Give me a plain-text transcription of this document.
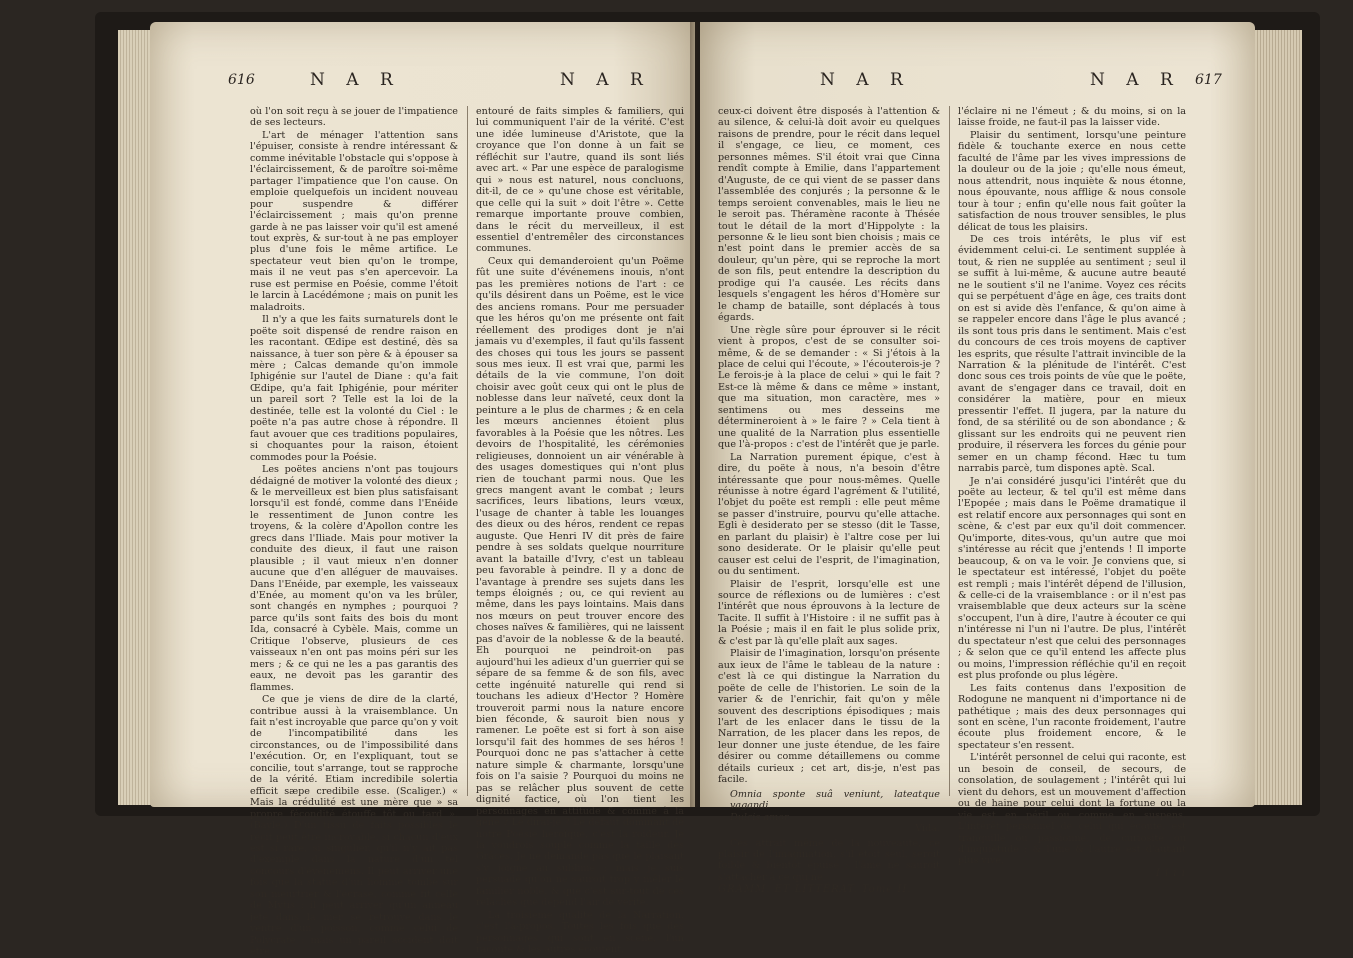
616	N A R	N A R

où l'on soit reçu à se jouer de l'impatience de ses lecteurs.

L'art de ménager l'attention sans l'épuiser, consiste à rendre intéressant & comme inévitable l'obstacle qui s'oppose à l'éclaircissement, & de paroître soi-même partager l'impatience que l'on cause. On emploie quelquefois un incident nouveau pour suspendre & différer l'éclaircissement ; mais qu'on prenne garde à ne pas laisser voir qu'il est amené tout exprès, & sur-tout à ne pas employer plus d'une fois le même artifice. Le spectateur veut bien qu'on le trompe, mais il ne veut pas s'en apercevoir. La ruse est permise en Poésie, comme l'étoit le larcin à Lacédémone ; mais on punit les maladroits.

Il n'y a que les faits surnaturels dont le poëte soit dispensé de rendre raison en les racontant. Œdipe est destiné, dès sa naissance, à tuer son père & à épouser sa mère ; Calcas demande qu'on immole Iphigénie sur l'autel de Diane : qu'a fait Œdipe, qu'a fait Iphigénie, pour mériter un pareil sort ? Telle est la loi de la destinée, telle est la volonté du Ciel : le poëte n'a pas autre chose à répondre. Il faut avouer que ces traditions populaires, si choquantes pour la raison, étoient commodes pour la Poésie.

Les poëtes anciens n'ont pas toujours dédaigné de motiver la volonté des dieux ; & le merveilleux est bien plus satisfaisant lorsqu'il est fondé, comme dans l'Enéide le ressentiment de Junon contre les troyens, & la colère d'Apollon contre les grecs dans l'Iliade. Mais pour motiver la conduite des dieux, il faut une raison plausible ; il vaut mieux n'en donner aucune que d'en alléguer de mauvaises. Dans l'Enéide, par exemple, les vaisseaux d'Enée, au moment qu'on va les brûler, sont changés en nymphes ; pourquoi ? parce qu'ils sont faits des bois du mont Ida, consacré à Cybèle. Mais, comme un Critique l'observe, plusieurs de ces vaisseaux n'en ont pas moins péri sur les mers ; & ce qui ne les a pas garantis des eaux, ne devoit pas les garantir des flammes.

Ce que je viens de dire de la clarté, contribue aussi à la vraisemblance. Un fait n'est incroyable que parce qu'on y voit de l'incompatibilité dans les circonstances, ou de l'impossibilité dans l'exécution. Or, en l'expliquant, tout se concilie, tout s'arrange, tout se rapproche de la vérité. Etiam incredibile solertia efficit sæpe credibile esse. (Scaliger.) « Mais la crédulité est une mère que » sa propre fécondité étouffe tôt ou tard ». (Bayle.) D'un tissu de faits possibles le récit peut être incroyable, si chacun d'eux est si rare, si singulier, qu'il n'y ait pas d'exemple dans la nature d'un tel concours d'événemens. Il peut arriver une fois que la statue d'un homme tombe sur son meurtrier & l'écrase, comme fit celle de Mytis ; il peut arriver qu'un anneau jeté dans la mer se retrouve dans le ventre d'un poisson, comme celui de Polycrate : mais un pareil accident doit être

entouré de faits simples & familiers, qui lui communiquent l'air de la vérité. C'est une idée lumineuse d'Aristote, que la croyance que l'on donne à un fait se réfléchit sur l'autre, quand ils sont liés avec art. « Par une espèce de paralogisme qui » nous est naturel, nous concluons, dit-il, de ce » qu'une chose est véritable, que celle qui la suit » doit l'être ». Cette remarque importante prouve combien, dans le récit du merveilleux, il est essentiel d'entremêler des circonstances communes.

Ceux qui demanderoient qu'un Poëme fût une suite d'événemens inouis, n'ont pas les premières notions de l'art : ce qu'ils désirent dans un Poëme, est le vice des anciens romans. Pour me persuader que les héros qu'on me présente ont fait réellement des prodiges dont je n'ai jamais vu d'exemples, il faut qu'ils fassent des choses qui tous les jours se passent sous mes ieux. Il est vrai que, parmi les détails de la vie commune, l'on doit choisir avec goût ceux qui ont le plus de noblesse dans leur naïveté, ceux dont la peinture a le plus de charmes ; & en cela les mœurs anciennes étoient plus favorables à la Poésie que les nôtres. Les devoirs de l'hospitalité, les cérémonies religieuses, donnoient un air vénérable à des usages domestiques qui n'ont plus rien de touchant parmi nous. Que les grecs mangent avant le combat ; leurs sacrifices, leurs libations, leurs vœux, l'usage de chanter à table les louanges des dieux ou des héros, rendent ce repas auguste. Que Henri IV dit près de faire pendre à ses soldats quelque nourriture avant la bataille d'Ivry, c'est un tableau peu favorable à peindre. Il y a donc de l'avantage à prendre ses sujets dans les temps éloignés ; ou, ce qui revient au même, dans les pays lointains. Mais dans nos mœurs on peut trouver encore des choses naïves & familières, qui ne laissent pas d'avoir de la noblesse & de la beauté. Eh pourquoi ne peindroit-on pas aujourd'hui les adieux d'un guerrier qui se sépare de sa femme & de son fils, avec cette ingénuité naturelle qui rend si touchans les adieux d'Hector ? Homère trouveroit parmi nous la nature encore bien féconde, & sauroit bien nous y ramener. Le poëte est si fort à son aise lorsqu'il fait des hommes de ses héros ! Pourquoi donc ne pas s'attacher à cette nature simple & charmante, lorsqu'une fois on l'a saisie ? Pourquoi du moins ne pas se relâcher plus souvent de cette dignité factice, où l'on tient les personnages en attitude & comme à la gêne ? Le dirai-je ? Le défaut dominant de notre Poésie héroïque, c'est la roideur. Je la voudrois souple comme la taille des Grâces. Je ne demande pas que le plaisant s'y joigne au sublime ; mais je suis persuadé qu'on ne sauroit trop y mêler le familier noble, & que c'est sur-tout de ces relâches que dépend l'air de vérité.

La troisième qualité de la Narration, c'est l'à-propos. Toutes les fois que des personnages qui sont en scène, l'un raconte & les autres écoutent,

N A R	N A R 617

ceux-ci doivent être disposés à l'attention & au silence, & celui-là doit avoir eu quelques raisons de prendre, pour le récit dans lequel il s'engage, ce lieu, ce moment, ces personnes mêmes. S'il étoit vrai que Cinna rendît compte à Emilie, dans l'appartement d'Auguste, de ce qui vient de se passer dans l'assemblée des conjurés ; la personne & le temps seroient convenables, mais le lieu ne le seroit pas. Théramène raconte à Thésée tout le détail de la mort d'Hippolyte : la personne & le lieu sont bien choisis ; mais ce n'est point dans le premier accès de sa douleur, qu'un père, qui se reproche la mort de son fils, peut entendre la description du prodige qui l'a causée. Les récits dans lesquels s'engagent les héros d'Homère sur le champ de bataille, sont déplacés à tous égards.

Une règle sûre pour éprouver si le récit vient à propos, c'est de se consulter soi-même, & de se demander : « Si j'étois à la place de celui qui l'écoute, » l'écouterois-je ? Le ferois-je à la place de celui » qui le fait ? Est-ce là même & dans ce même » instant, que ma situation, mon caractère, mes » sentimens ou mes desseins me détermineroient à » le faire ? » Cela tient à une qualité de la Narration plus essentielle que l'à-propos : c'est de l'intérêt que je parle.

La Narration purement épique, c'est à dire, du poëte à nous, n'a besoin d'être intéressante que pour nous-mêmes. Quelle réunisse à notre égard l'agrément & l'utilité, l'objet du poëte est rempli : elle peut même se passer d'instruire, pourvu qu'elle attache. Egli è desiderato per se stesso (dit le Tasse, en parlant du plaisir) è l'altre cose per lui sono desiderate. Or le plaisir qu'elle peut causer est celui de l'esprit, de l'imagination, ou du sentiment.

Plaisir de l'esprit, lorsqu'elle est une source de réflexions ou de lumières : c'est l'intérêt que nous éprouvons à la lecture de Tacite. Il suffit à l'Histoire : il ne suffit pas à la Poésie ; mais il en fait le plus solide prix, & c'est par là qu'elle plaît aux sages.

Plaisir de l'imagination, lorsqu'on présente aux ieux de l'âme le tableau de la nature : c'est là ce qui distingue la Narration du poëte de celle de l'historien. Le soin de la varier & de l'enrichir, fait qu'on y mêle souvent des descriptions épisodiques ; mais l'art de les enlacer dans le tissu de la Narration, de les placer dans les repos, de leur donner une juste étendue, de les faire désirer ou comme détaillemens ou comme détails curieux ; cet art, dis-je, n'est pas facile.

Omnia sponte suâ veniunt, lateatque vagandi
Dulcis amor.
Vida.

Ces attrait même de la nouveauté, ce plaisir de l'imagination, s'il étoit seul, seroit foible & bientôt épuisé : l'âme ne sauroit s'attacher à ce qui ne

GRAMM. ET LITTÉRAT. Tome II.

l'éclaire ni ne l'émeut ; & du moins, si on la laisse froide, ne faut-il pas la laisser vide.

Plaisir du sentiment, lorsqu'une peinture fidèle & touchante exerce en nous cette faculté de l'âme par les vives impressions de la douleur ou de la joie ; qu'elle nous émeut, nous attendrit, nous inquiète & nous étonne, nous épouvante, nous afflige & nous console tour à tour ; enfin qu'elle nous fait goûter la satisfaction de nous trouver sensibles, le plus délicat de tous les plaisirs.

De ces trois intérêts, le plus vif est évidemment celui-ci. Le sentiment supplée à tout, & rien ne supplée au sentiment ; seul il se suffit à lui-même, & aucune autre beauté ne le soutient s'il ne l'anime. Voyez ces récits qui se perpétuent d'âge en âge, ces traits dont on est si avide dès l'enfance, & qu'on aime à se rappeler encore dans l'âge le plus avancé ; ils sont tous pris dans le sentiment. Mais c'est du concours de ces trois moyens de captiver les esprits, que résulte l'attrait invincible de la Narration & la plénitude de l'intérêt. C'est donc sous ces trois points de vûe que le poëte, avant de s'engager dans ce travail, doit en considérer la matière, pour en mieux pressentir l'effet. Il jugera, par la nature du fond, de sa stérilité ou de son abondance ; & glissant sur les endroits qui ne peuvent rien produire, il réservera les forces du génie pour semer en un champ fécond. Hæc tu tum narrabis parcè, tum dispones aptè. Scal.

Je n'ai considéré jusqu'ici l'intérêt que du poëte au lecteur, & tel qu'il est même dans l'Epopée ; mais dans le Poëme dramatique il est relatif encore aux personnages qui sont en scène, & c'est par eux qu'il doit commencer. Qu'importe, dites-vous, qu'un autre que moi s'intéresse au récit que j'entends ! Il importe beaucoup, & on va le voir. Je conviens que, si le spectateur est intéressé, l'objet du poëte est rempli ; mais l'intérêt dépend de l'illusion, & celle-ci de la vraisemblance : or il n'est pas vraisemblable que deux acteurs sur la scène s'occupent, l'un à dire, l'autre à écouter ce qui n'intéresse ni l'un ni l'autre. De plus, l'intérêt du spectateur n'est que celui des personnages ; & selon que ce qu'il entend les affecte plus ou moins, l'impression réfléchie qu'il en reçoit est plus profonde ou plus légère.

Les faits contenus dans l'exposition de Rodogune ne manquent ni d'importance ni de pathétique ; mais des deux personnages qui sont en scène, l'un raconte froidement, l'autre écoute plus froidement encore, & le spectateur s'en ressent.

L'intérêt personnel de celui qui raconte, est un besoin de conseil, de secours, de consolation, de soulagement ; l'intérêt qui lui vient du dehors, est un mouvement d'affection ou de haine pour celui dont la fortune ou la vie est en péril ou comme en suspens. L'intérêt personnel de celui qui écoute, est tranquille ou passionné, de curiosité ou d'inquiétude ; & l'une & l'autre est d'autant plus vive,

I i i i
